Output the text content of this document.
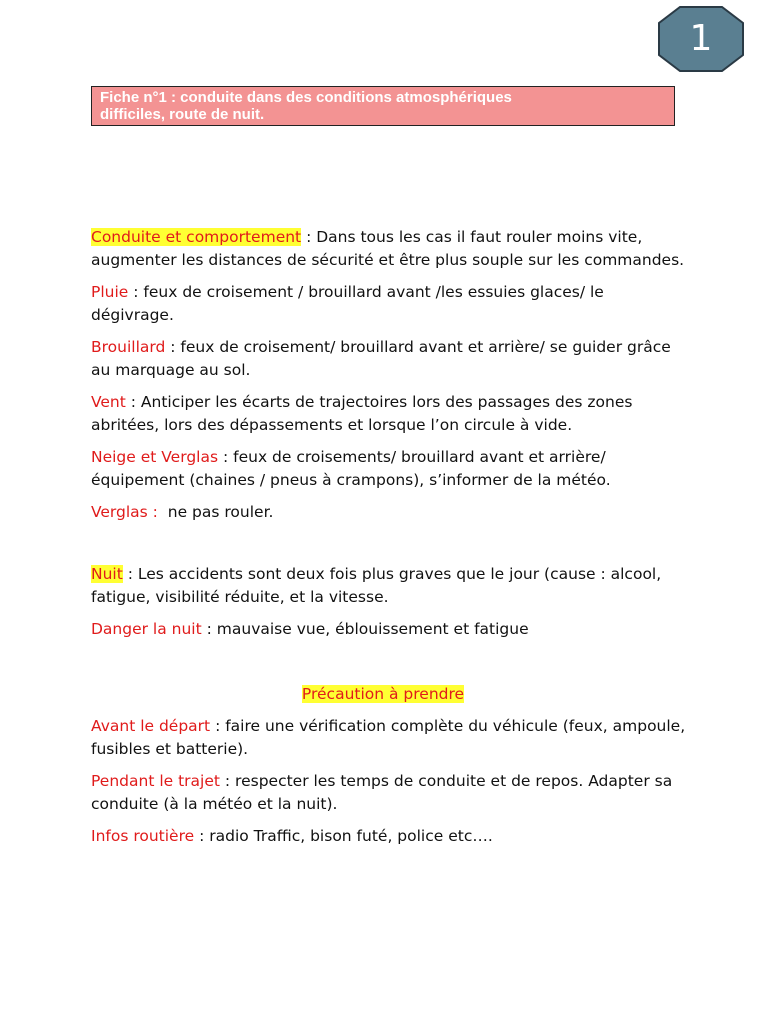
1
Fiche n°1 : conduite dans des conditions atmosphériques
difficiles, route de nuit.

Conduite et comportement : Dans tous les cas il faut rouler moins vite, augmenter les distances de sécurité et être plus souple sur les commandes.

Pluie : feux de croisement / brouillard avant /les essuies glaces/ le dégivrage.

Brouillard : feux de croisement/ brouillard avant et arrière/ se guider grâce au marquage au sol.

Vent : Anticiper les écarts de trajectoires lors des passages des zones abritées, lors des dépassements et lorsque l’on circule à vide.

Neige et Verglas : feux de croisements/ brouillard avant et arrière/ équipement (chaines / pneus à crampons), s’informer de la météo.

Verglas :  ne pas rouler.

Nuit : Les accidents sont deux fois plus graves que le jour (cause : alcool, fatigue, visibilité réduite, et la vitesse.

Danger la nuit : mauvaise vue, éblouissement et fatigue

Précaution à prendre

Avant le départ : faire une vérification complète du véhicule (feux, ampoule, fusibles et batterie).

Pendant le trajet : respecter les temps de conduite et de repos. Adapter sa conduite (à la météo et la nuit).

Infos routière : radio Traffic, bison futé, police etc….
